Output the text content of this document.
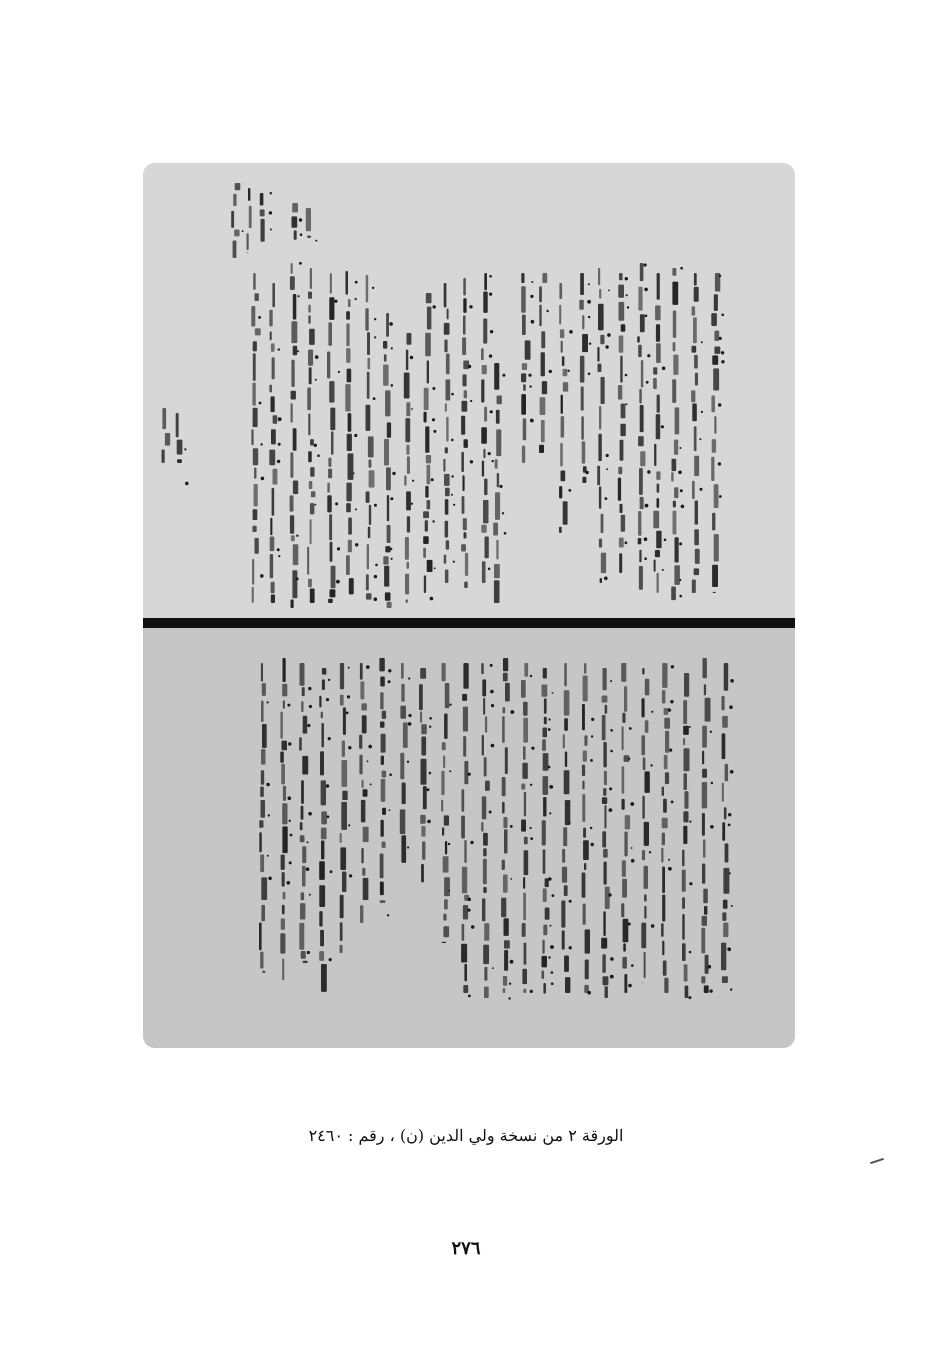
الورقة ٢ من نسخة ولي الدين (ن) ، رقم : ٢٤٦٠
٢٧٦
